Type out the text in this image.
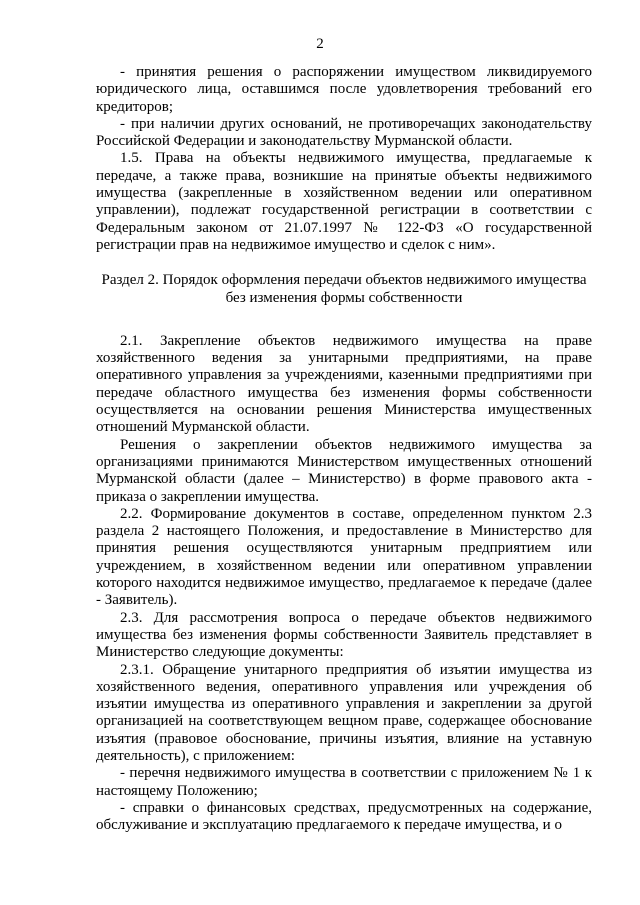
2

- принятия решения о распоряжении имуществом ликвидируемого юридического лица, оставшимся после удовлетворения требований его кредиторов;

- при наличии других оснований, не противоречащих законодательству Российской Федерации и законодательству Мурманской области.

1.5. Права на объекты недвижимого имущества, предлагаемые к передаче, а также права, возникшие на принятые объекты недвижимого имущества (закрепленные в хозяйственном ведении или оперативном управлении), подлежат государственной регистрации в соответствии с Федеральным законом от 21.07.1997 № 122-ФЗ «О государственной регистрации прав на недвижимое имущество и сделок с ним».

Раздел 2. Порядок оформления передачи объектов недвижимого имущества
без изменения формы собственности

2.1. Закрепление объектов недвижимого имущества на праве хозяйственного ведения за унитарными предприятиями, на праве оперативного управления за учреждениями, казенными предприятиями при передаче областного имущества без изменения формы собственности осуществляется на основании решения Министерства имущественных отношений Мурманской области.

Решения о закреплении объектов недвижимого имущества за организациями принимаются Министерством имущественных отношений Мурманской области (далее – Министерство) в форме правового акта - приказа о закреплении имущества.

2.2. Формирование документов в составе, определенном пунктом 2.3 раздела 2 настоящего Положения, и предоставление в Министерство для принятия решения осуществляются унитарным предприятием или учреждением, в хозяйственном ведении или оперативном управлении которого находится недвижимое имущество, предлагаемое к передаче (далее - Заявитель).

2.3. Для рассмотрения вопроса о передаче объектов недвижимого имущества без изменения формы собственности Заявитель представляет в Министерство следующие документы:

2.3.1. Обращение унитарного предприятия об изъятии имущества из хозяйственного ведения, оперативного управления или учреждения об изъятии имущества из оперативного управления и закреплении за другой организацией на соответствующем вещном праве, содержащее обоснование изъятия (правовое обоснование, причины изъятия, влияние на уставную деятельность), с приложением:

- перечня недвижимого имущества в соответствии с приложением № 1 к настоящему Положению;

- справки о финансовых средствах, предусмотренных на содержание, обслуживание и эксплуатацию предлагаемого к передаче имущества, и о
